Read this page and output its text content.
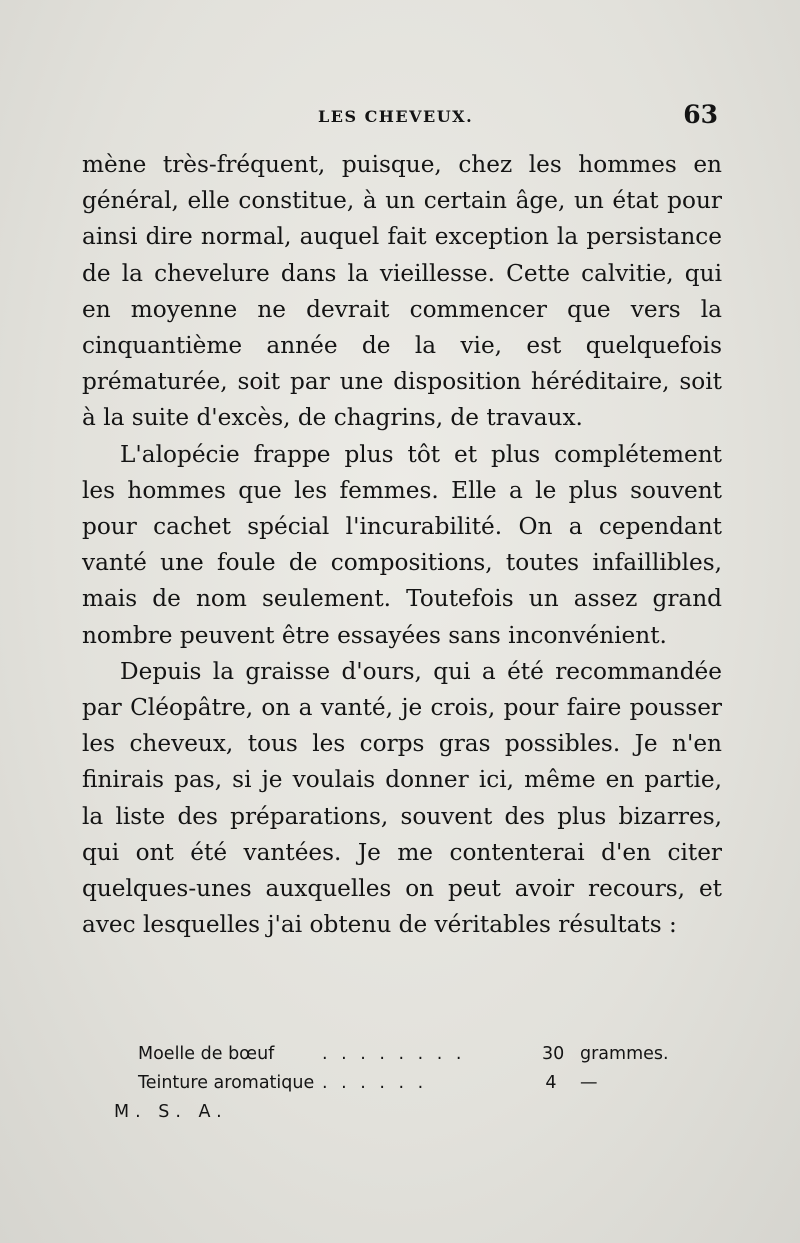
LES CHEVEUX.	63

mène très-fréquent, puisque, chez les hommes en général, elle constitue, à un certain âge, un état pour ainsi dire normal, auquel fait exception la persistance de la chevelure dans la vieillesse. Cette calvitie, qui en moyenne ne devrait commencer que vers la cinquantième année de la vie, est quelquefois prématurée, soit par une disposition héréditaire, soit à la suite d'excès, de chagrins, de travaux.

L'alopécie frappe plus tôt et plus complétement les hommes que les femmes. Elle a le plus souvent pour cachet spécial l'incurabilité. On a cependant vanté une foule de compositions, toutes infaillibles, mais de nom seulement. Toutefois un assez grand nombre peuvent être essayées sans inconvénient.

Depuis la graisse d'ours, qui a été recommandée par Cléopâtre, on a vanté, je crois, pour faire pousser les cheveux, tous les corps gras possibles. Je n'en finirais pas, si je voulais donner ici, même en partie, la liste des préparations, souvent des plus bizarres, qui ont été vantées. Je me contenterai d'en citer quelques-unes auxquelles on peut avoir recours, et avec lesquelles j'ai obtenu de véritables résultats :

Moelle de bœuf	. . . . . . . .	30 grammes.
Teinture aromatique . . . . . .	4 —
M. S. A.
